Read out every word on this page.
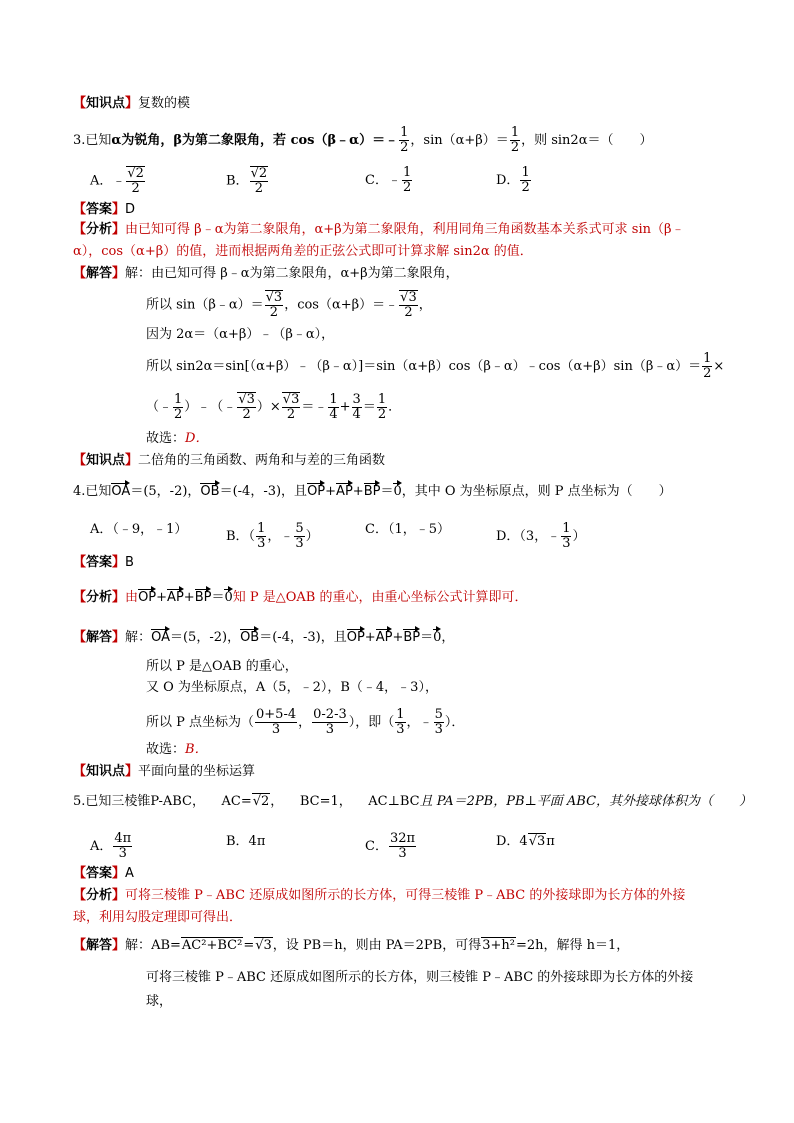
【知识点】复数的模
3.已知α为锐角，β为第二象限角，若 cos（β﹣α）＝﹣ $\frac{1}{2}$ ，$\sin(\alpha+\beta)= \frac{1}{2}$ ，则 sin2α＝（　　）
A．﹣ $\frac{√2}{2}$	B． $\frac{√2}{2}$	C．﹣ $\frac{1}{2}$	D． $\frac{1}{2}$
【答案】D
【分析】由已知可得 β﹣α为第二象限角，α+β为第二象限角，利用同角三角函数基本关系式可求 sin（β﹣
α），cos（α+β）的值，进而根据两角差的正弦公式即可计算求解 sin2α 的值．
【解答】解：由已知可得 β﹣α为第二象限角，α+β为第二象限角，
所以 sin（β﹣α）＝ $\frac{√3}{2}$ ，cos（α+β）＝﹣ $\frac{√3}{2}$ ，
因为 2α＝（α+β）﹣（β﹣α），
所以 sin2α＝sin[（α+β）﹣（β﹣α）]＝sin（α+β）cos（β﹣α）﹣cos（α+β）sin（β﹣α）＝ $\frac{1}{2}$ ×
（﹣ $\frac{1}{2}$ ）﹣（﹣ $\frac{√3}{2}$ ）× $\frac{√3}{2}$ ＝﹣ $\frac{1}{4} + \frac{3}{4} = \frac{1}{2}$ ．
故选：D．
【知识点】二倍角的三角函数、两角和与差的三角函数
4.已知OA＝(5，-2)，OB＝(-4，-3)，且OP+AP+BP＝0，其中 O 为坐标原点，则 P 点坐标为（　　）
A．（﹣9，﹣1）	B．（ $\frac{1}{3}$ ，﹣ $\frac{5}{3}$ ）	C．（1，﹣5）	D．（3，﹣ $\frac{1}{3}$ ）
【答案】B
【分析】由OP+AP+BP＝0知 P 是△OAB 的重心，由重心坐标公式计算即可．
【解答】解：OA＝(5，-2)，OB＝(-4，-3)，且OP+AP+BP＝0，
所以 P 是△OAB 的重心，
又 O 为坐标原点，A（5，﹣2），B（﹣4，﹣3），
所以 P 点坐标为（ $\frac{0+5-4}{3}$ ， $\frac{0-2-3}{3}$ ），即（ $\frac{1}{3}$ ，﹣ $\frac{5}{3}$ ）．
故选：B．
【知识点】平面向量的坐标运算
5.已知三棱锥P-ABC， AC=√2， BC=1， AC⊥BC且 PA＝2PB，PB⊥平面 ABC，其外接球体积为（　　）
A． $\frac{4\pi}{3}$	B．4π	C． $\frac{32\pi}{3}$	D．4√3π
【答案】A
【分析】可将三棱锥 P﹣ABC 还原成如图所示的长方体，可得三棱锥 P﹣ABC 的外接球即为长方体的外接
球，利用勾股定理即可得出．
【解答】解：AB=AC²+BC²=√3，设 PB＝h，则由 PA＝2PB，可得3+h²=2h，解得 h＝1，
可将三棱锥 P﹣ABC 还原成如图所示的长方体，则三棱锥 P﹣ABC 的外接球即为长方体的外接
球，
